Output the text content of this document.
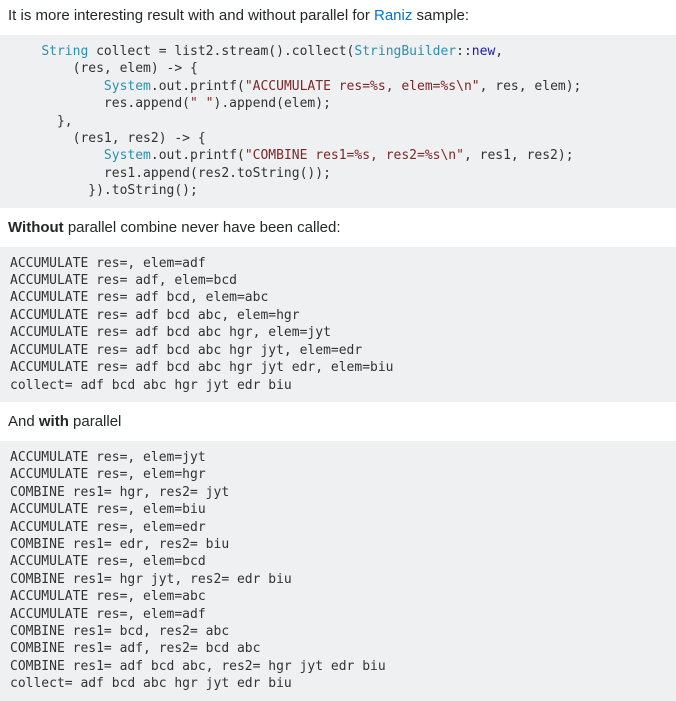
It is more interesting result with and without parallel for Raniz sample:

String collect = list2.stream().collect(StringBuilder::new,
(res, elem) -> {
System.out.printf("ACCUMULATE res=%s, elem=%s\n", res, elem);
res.append(" ").append(elem);
},
(res1, res2) -> {
System.out.printf("COMBINE res1=%s, res2=%s\n", res1, res2);
res1.append(res2.toString());
}).toString();

Without parallel combine never have been called:

ACCUMULATE res=, elem=adf
ACCUMULATE res= adf, elem=bcd
ACCUMULATE res= adf bcd, elem=abc
ACCUMULATE res= adf bcd abc, elem=hgr
ACCUMULATE res= adf bcd abc hgr, elem=jyt
ACCUMULATE res= adf bcd abc hgr jyt, elem=edr
ACCUMULATE res= adf bcd abc hgr jyt edr, elem=biu
collect= adf bcd abc hgr jyt edr biu

And with parallel

ACCUMULATE res=, elem=jyt
ACCUMULATE res=, elem=hgr
COMBINE res1= hgr, res2= jyt
ACCUMULATE res=, elem=biu
ACCUMULATE res=, elem=edr
COMBINE res1= edr, res2= biu
ACCUMULATE res=, elem=bcd
COMBINE res1= hgr jyt, res2= edr biu
ACCUMULATE res=, elem=abc
ACCUMULATE res=, elem=adf
COMBINE res1= bcd, res2= abc
COMBINE res1= adf, res2= bcd abc
COMBINE res1= adf bcd abc, res2= hgr jyt edr biu
collect= adf bcd abc hgr jyt edr biu
